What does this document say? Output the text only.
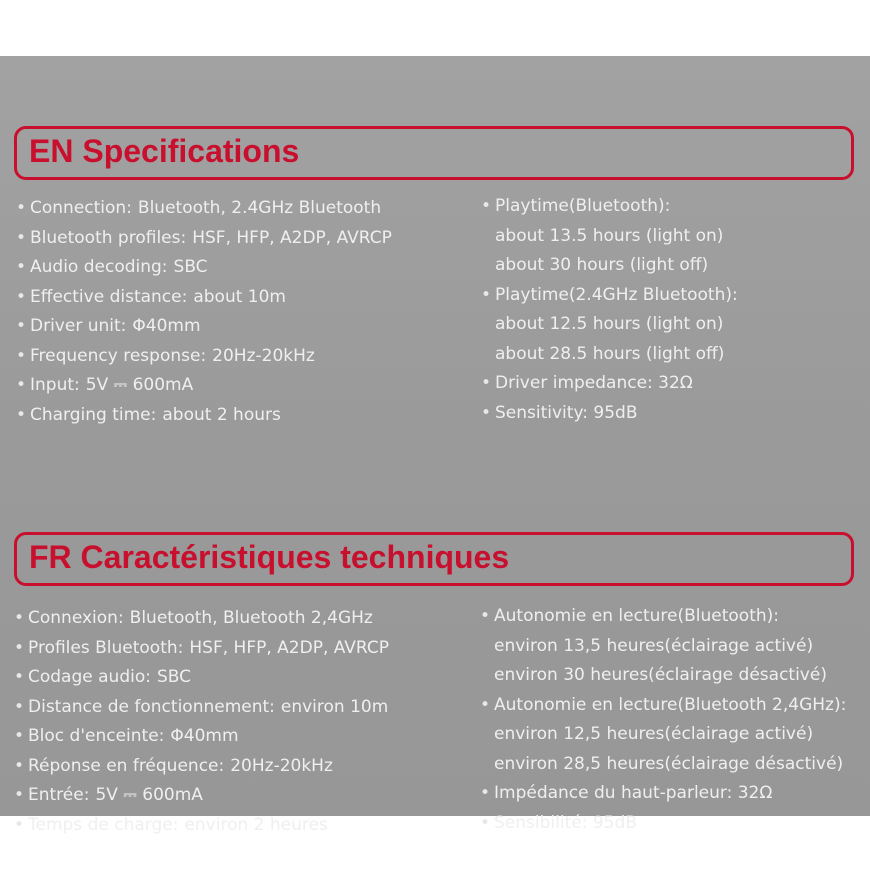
EN Specifications
• Connection: Bluetooth, 2.4GHz Bluetooth
• Bluetooth profiles: HSF, HFP, A2DP, AVRCP
• Audio decoding: SBC
• Effective distance: about 10m
• Driver unit: Φ40mm
• Frequency response: 20Hz-20kHz
• Input: 5V ⎓ 600mA
• Charging time: about 2 hours
• Playtime(Bluetooth):
about 13.5 hours (light on)
about 30 hours (light off)
• Playtime(2.4GHz Bluetooth):
about 12.5 hours (light on)
about 28.5 hours (light off)
• Driver impedance: 32Ω
• Sensitivity: 95dB
FR Caractéristiques techniques
• Connexion: Bluetooth, Bluetooth 2,4GHz
• Profiles Bluetooth: HSF, HFP, A2DP, AVRCP
• Codage audio: SBC
• Distance de fonctionnement: environ 10m
• Bloc d'enceinte: Φ40mm
• Réponse en fréquence: 20Hz-20kHz
• Entrée: 5V ⎓ 600mA
• Temps de charge: environ 2 heures
• Autonomie en lecture(Bluetooth):
environ 13,5 heures(éclairage activé)
environ 30 heures(éclairage désactivé)
• Autonomie en lecture(Bluetooth 2,4GHz):
environ 12,5 heures(éclairage activé)
environ 28,5 heures(éclairage désactivé)
• Impédance du haut-parleur: 32Ω
• Sensibilité: 95dB
